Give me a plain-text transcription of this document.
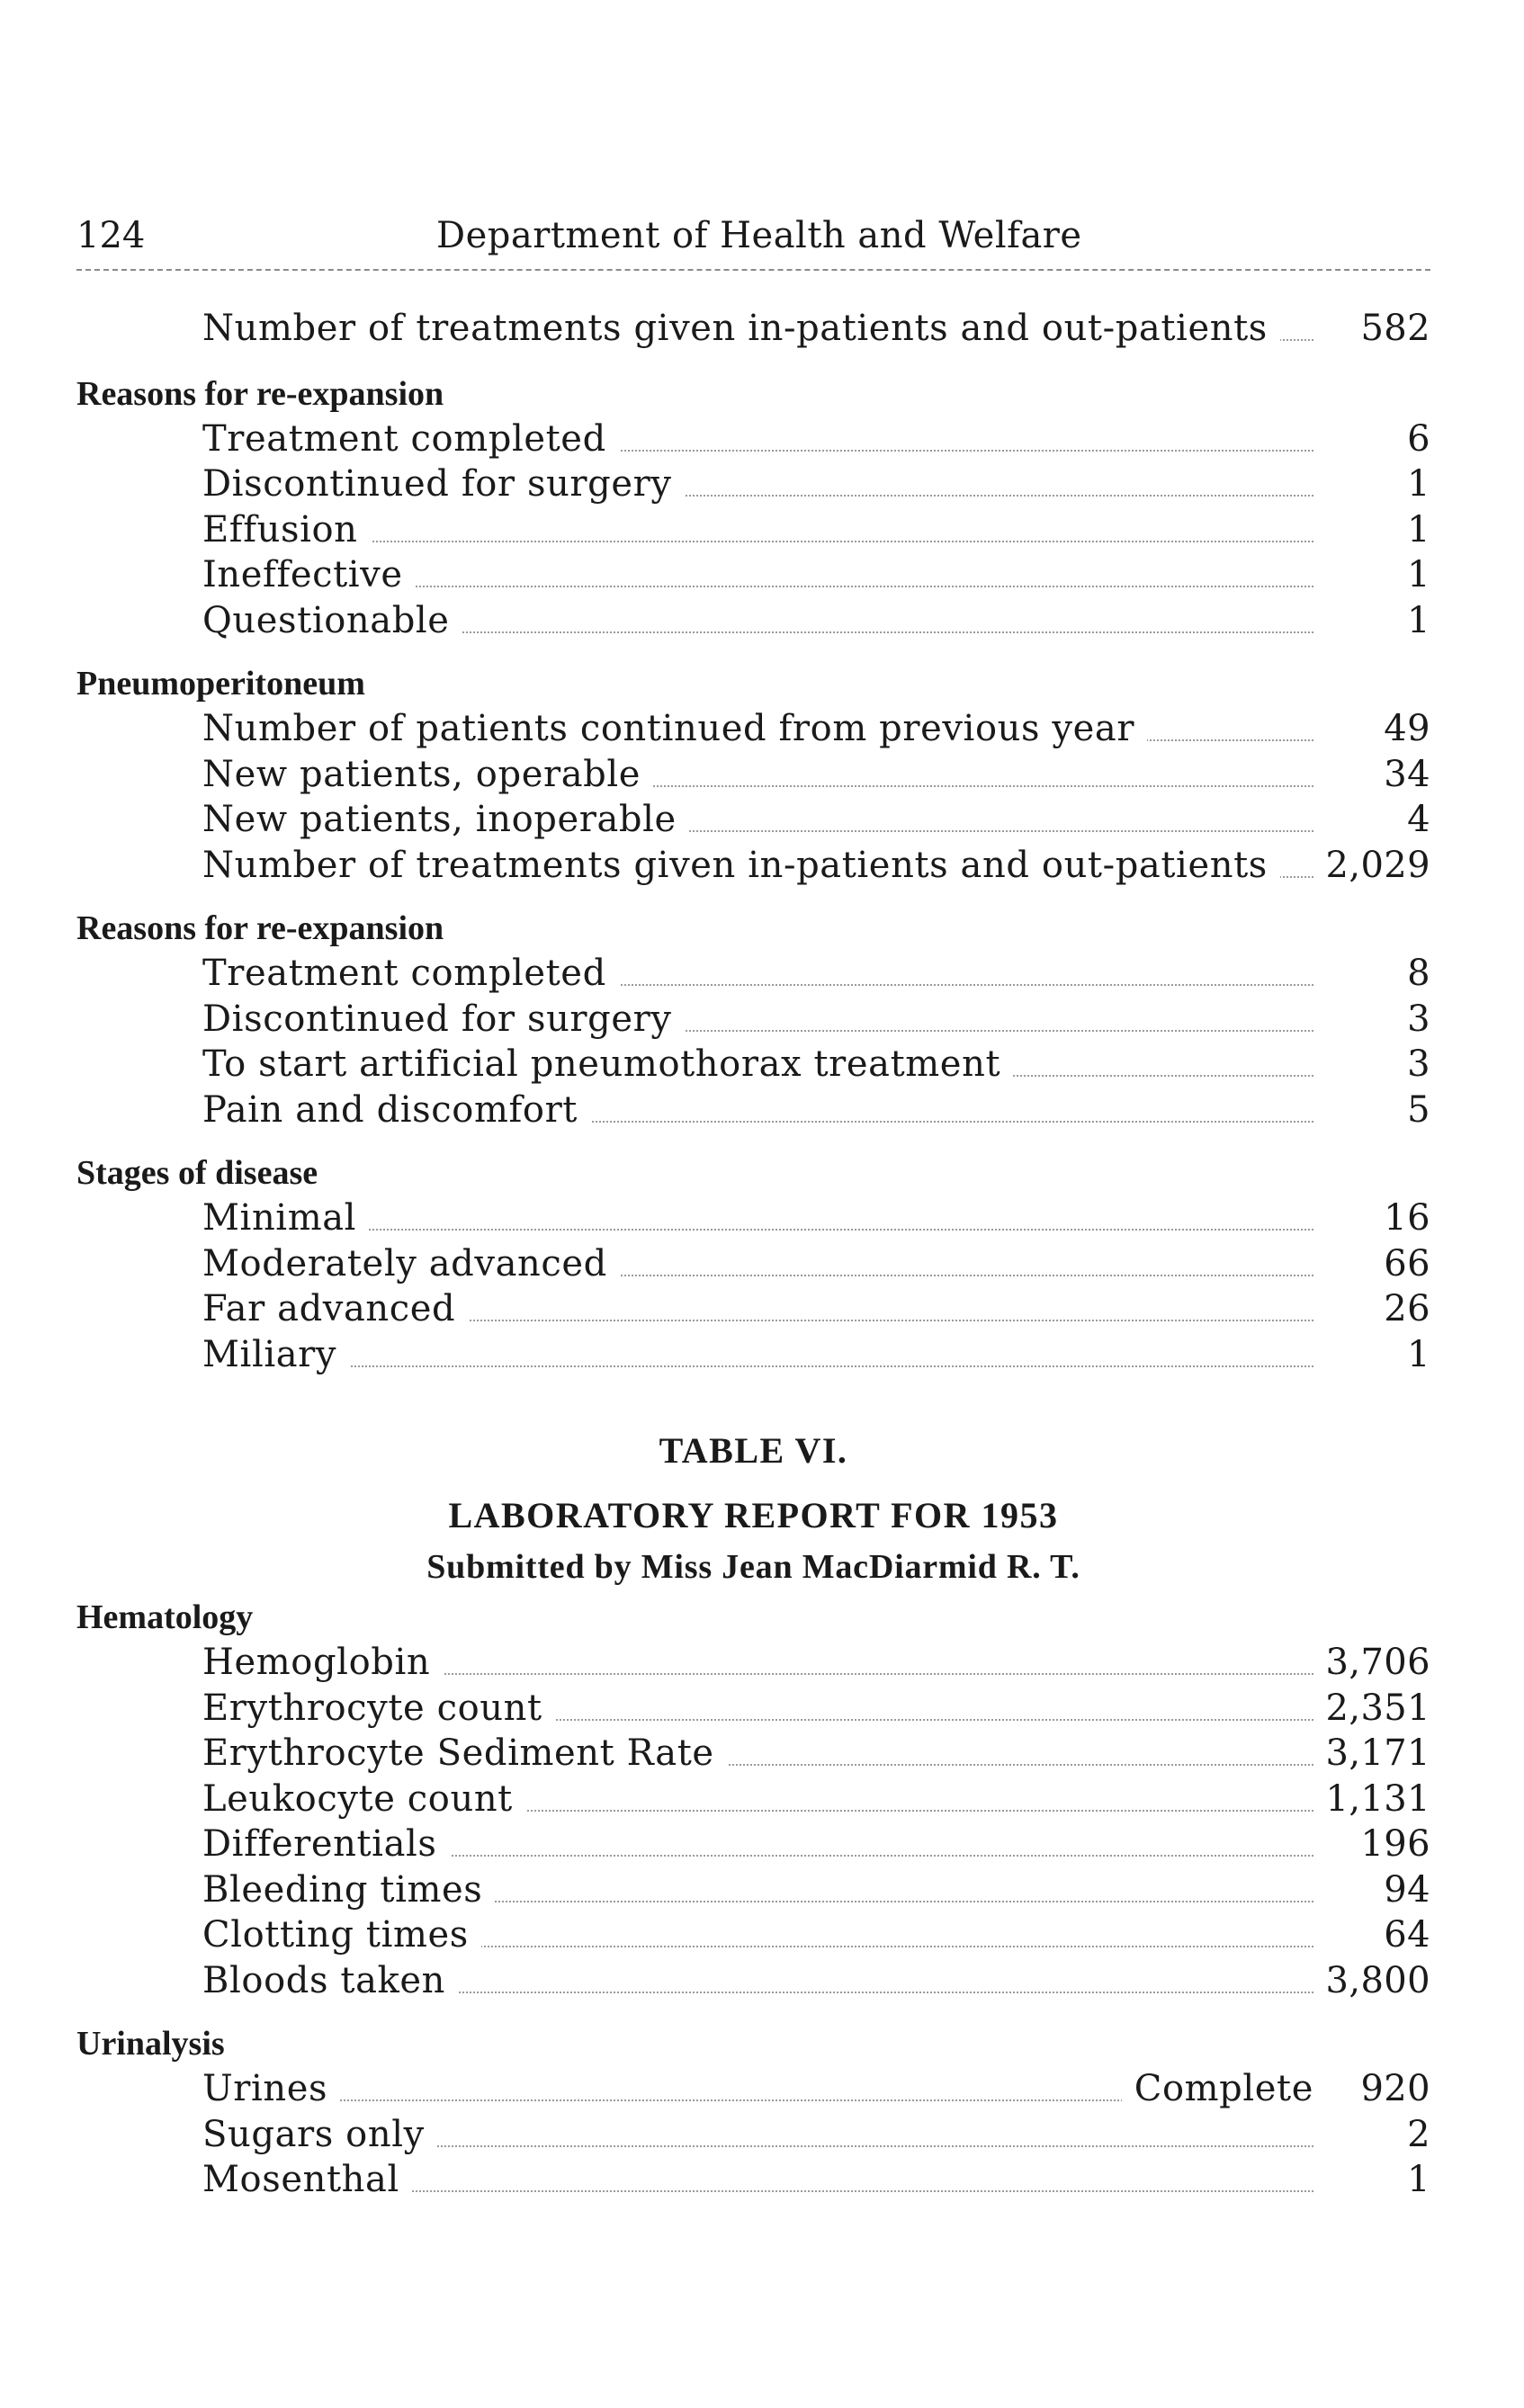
124	Department of Health and Welfare
Number of treatments given in-patients and out-patients	582
Reasons for re-expansion
Treatment completed	6
Discontinued for surgery	1
Effusion	1
Ineffective	1
Questionable	1
Pneumoperitoneum
Number of patients continued from previous year	49
New patients, operable	34
New patients, inoperable	4
Number of treatments given in-patients and out-patients	2,029
Reasons for re-expansion
Treatment completed	8
Discontinued for surgery	3
To start artificial pneumothorax treatment	3
Pain and discomfort	5
Stages of disease
Minimal	16
Moderately advanced	66
Far advanced	26
Miliary	1
TABLE VI.
LABORATORY REPORT FOR 1953
Submitted by Miss Jean MacDiarmid R. T.
Hematology
Hemoglobin	3,706
Erythrocyte count	2,351
Erythrocyte Sediment Rate	3,171
Leukocyte count	1,131
Differentials	196
Bleeding times	94
Clotting times	64
Bloods taken	3,800
Urinalysis
Urines	Complete 920
Sugars only	2
Mosenthal	1
